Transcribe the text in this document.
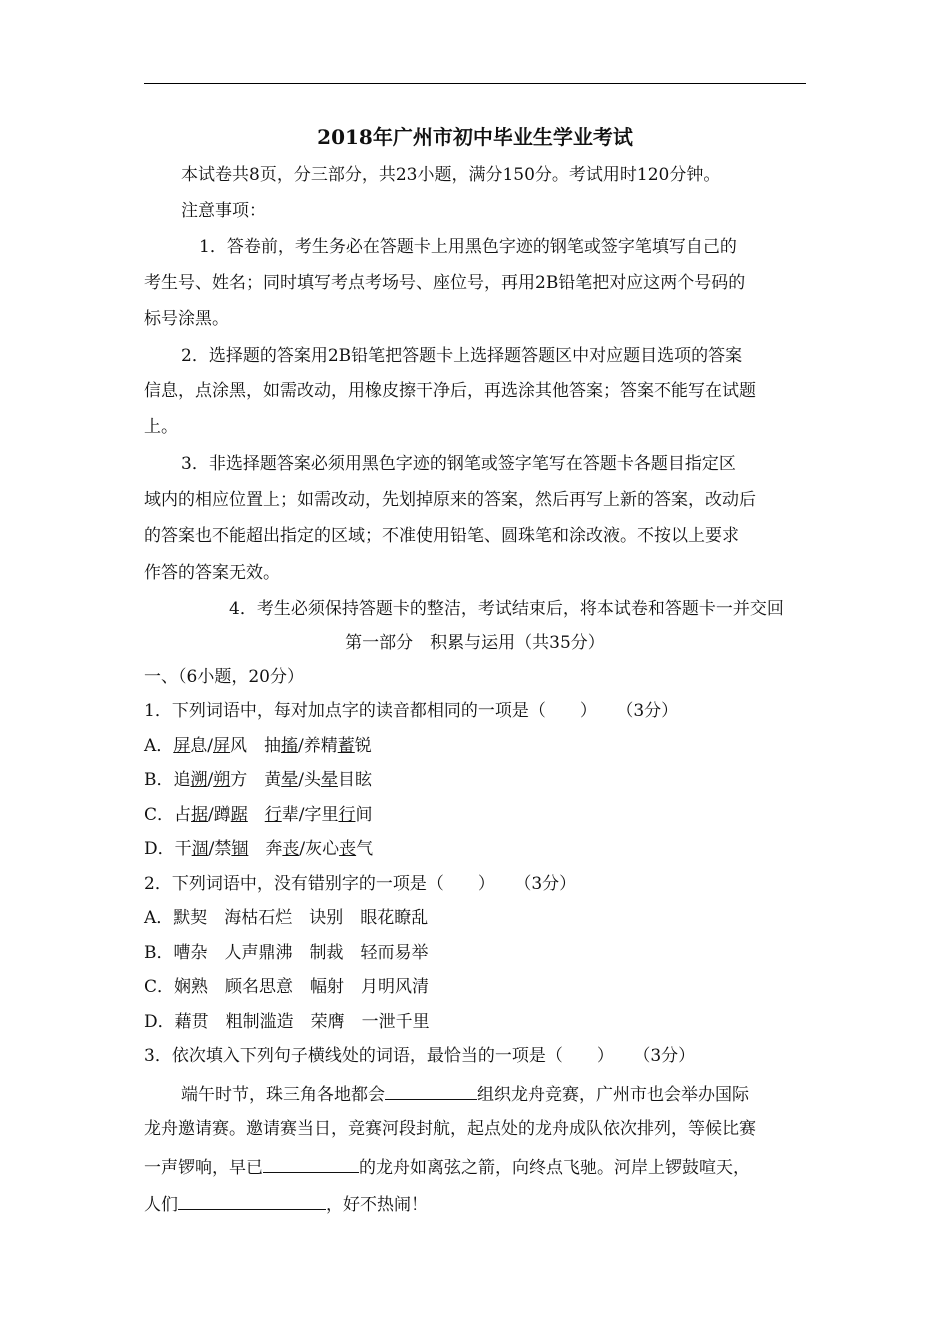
2018年广州市初中毕业生学业考试
本试卷共8页，分三部分，共23小题，满分150分。考试用时120分钟。
注意事项：
1．答卷前，考生务必在答题卡上用黑色字迹的钢笔或签字笔填写自己的
考生号、姓名；同时填写考点考场号、座位号，再用2B铅笔把对应这两个号码的
标号涂黑。
2．选择题的答案用2B铅笔把答题卡上选择题答题区中对应题目选项的答案
信息，点涂黑，如需改动，用橡皮擦干净后，再选涂其他答案；答案不能写在试题
上。
3．非选择题答案必须用黑色字迹的钢笔或签字笔写在答题卡各题目指定区
域内的相应位置上；如需改动，先划掉原来的答案，然后再写上新的答案，改动后
的答案也不能超出指定的区域；不准使用铅笔、圆珠笔和涂改液。不按以上要求
作答的答案无效。
4．考生必须保持答题卡的整洁，考试结束后，将本试卷和答题卡一并交回
第一部分　积累与运用（共35分）
一、（6小题，20分）
1．下列词语中，每对加点字的读音都相同的一项是（　　） （3分）
A．屏息/屏风　抽搐/养精蓄锐
B．追溯/朔方　黄晕/头晕目眩
C．占据/蹲踞　 行辈/字里行间
D．干涸/禁锢　奔丧/灰心丧气
2．下列词语中，没有错别字的一项是（　　） （3分）
A．默契　海枯石烂　诀别　眼花瞭乱
B．嘈杂　人声鼎沸　制裁　轻而易举
C．娴熟　顾名思意　幅射　月明风清
D．藉贯　粗制滥造　荣膺　一泄千里
3．依次填入下列句子横线处的词语，最恰当的一项是（　　） （3分）
端午时节，珠三角各地都会	组织龙舟竞赛，广州市也会举办国际
龙舟邀请赛。邀请赛当日，竞赛河段封航，起点处的龙舟成队依次排列，等候比赛
一声锣响，早已	的龙舟如离弦之箭，向终点飞驰。河岸上锣鼓喧天，
人们	，好不热闹！
